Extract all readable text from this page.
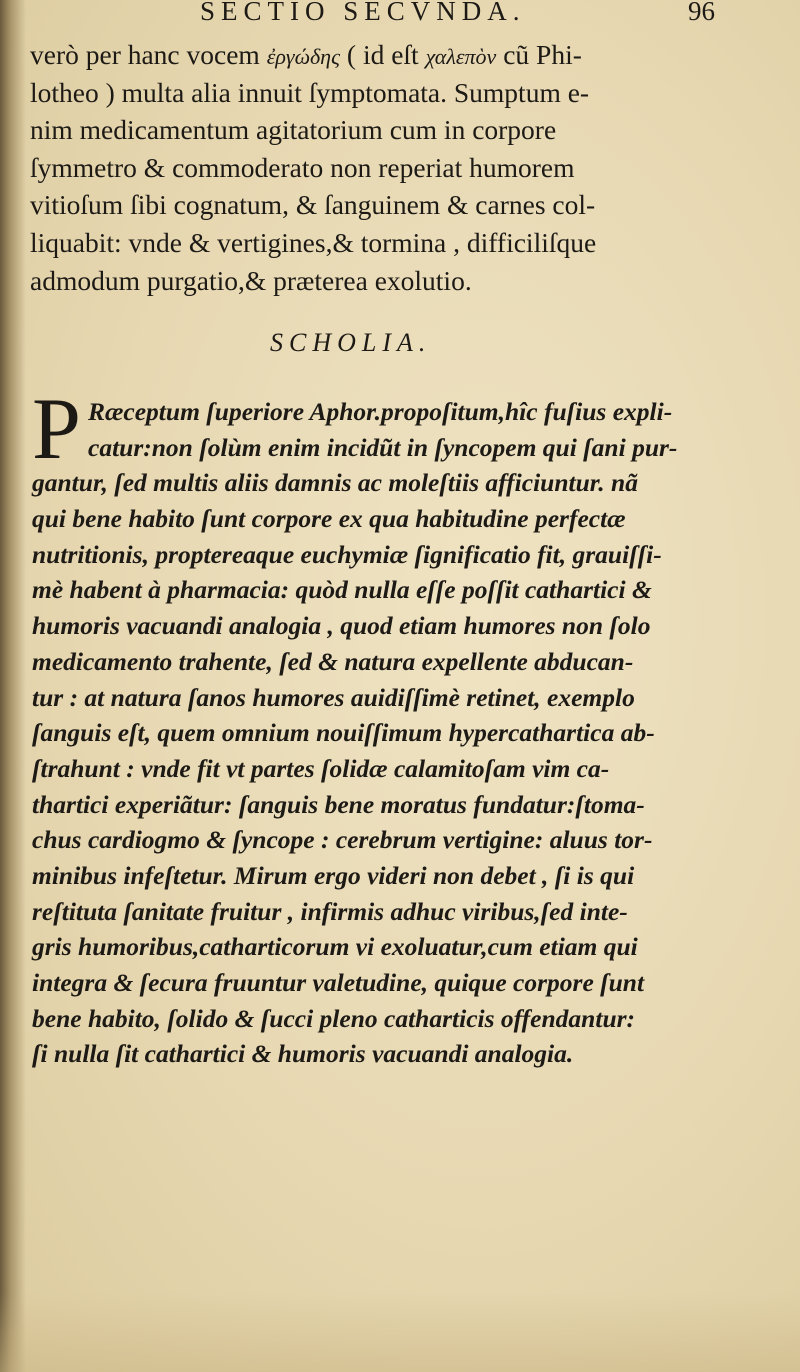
SECTIO SECVNDA.	96
verò per hanc vocem ἐργώδης ( id eſt χαλεπὸν cũ Phi-
lotheo ) multa alia innuit ſymptomata. Sumptum e-
nim medicamentum agitatorium cum in corpore
ſymmetro & commoderato non reperiat humorem
vitioſum ſibi cognatum, & ſanguinem & carnes col-
liquabit: vnde & vertigines,& tormina , difficiliſque
admodum purgatio,& præterea exolutio.
SCHOLIA.
P Ræceptum ſuperiore Aphor.propoſitum,hîc fuſius expli-
catur:non ſolùm enim incidũt in ſyncopem qui ſani pur-
gantur, ſed multis aliis damnis ac moleſtiis afficiuntur. nã
qui bene habito ſunt corpore ex qua habitudine perfectæ
nutritionis, proptereaque euchymiæ ſignificatio fit, grauiſſi-
mè habent à pharmacia: quòd nulla eſſe poſſit cathartici &
humoris vacuandi analogia , quod etiam humores non ſolo
medicamento trahente, ſed & natura expellente abducan-
tur : at natura ſanos humores auidiſſimè retinet, exemplo
ſanguis eſt, quem omnium nouiſſimum hypercathartica ab-
ſtrahunt : vnde fit vt partes ſolidæ calamitoſam vim ca-
thartici experiãtur: ſanguis bene moratus fundatur:ſtoma-
chus cardiogmo & ſyncope : cerebrum vertigine: aluus tor-
minibus infeſtetur. Mirum ergo videri non debet , ſi is qui
reſtituta ſanitate fruitur , infirmis adhuc viribus,ſed inte-
gris humoribus,catharticorum vi exoluatur,cum etiam qui
integra & ſecura fruuntur valetudine, quique corpore ſunt
bene habito, ſolido & ſucci pleno catharticis offendantur:
ſi nulla ſit cathartici & humoris vacuandi analogia.
